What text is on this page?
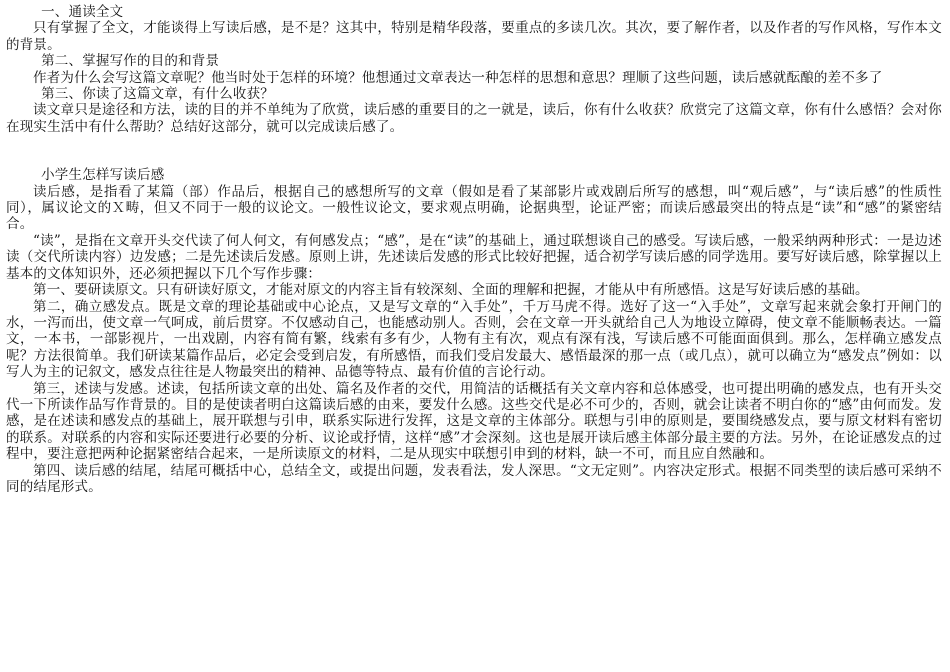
一、通读全文

只有掌握了全文，才能谈得上写读后感，是不是？这其中，特别是精华段落，要重点的多读几次。其次，要了解作者，以及作者的写作风格，写作本文的背景。

第二、掌握写作的目的和背景

作者为什么会写这篇文章呢？他当时处于怎样的环境？他想通过文章表达一种怎样的思想和意思？理顺了这些问题，读后感就酝酿的差不多了

第三、你读了这篇文章，有什么收获？

读文章只是途径和方法，读的目的并不单纯为了欣赏，读后感的重要目的之一就是，读后，你有什么收获？欣赏完了这篇文章，你有什么感悟？会对你在现实生活中有什么帮助？总结好这部分，就可以完成读后感了。

小学生怎样写读后感

读后感，是指看了某篇（部）作品后，根据自己的感想所写的文章（假如是看了某部影片或戏剧后所写的感想，叫“观后感”，与“读后感”的性质性同），属议论文的Ｘ畴，但又不同于一般的议论文。一般性议论文，要求观点明确，论据典型，论证严密；而读后感最突出的特点是“读”和“感”的紧密结合。

“读”，是指在文章开头交代读了何人何文，有何感发点；“感”，是在“读”的基础上，通过联想谈自己的感受。写读后感，一般采纳两种形式：一是边述读（交代所读内容）边发感；二是先述读后发感。原则上讲，先述读后发感的形式比较好把握，适合初学写读后感的同学选用。要写好读后感，除掌握以上基本的文体知识外，还必须把握以下几个写作步骤：

第一、要研读原文。只有研读好原文，才能对原文的内容主旨有较深刻、全面的理解和把握，才能从中有所感悟。这是写好读后感的基础。

第二，确立感发点。既是文章的理论基础或中心论点，又是写文章的“入手处”，千万马虎不得。选好了这一“入手处”，文章写起来就会象打开闸门的水，一泻而出，使文章一气呵成，前后贯穿。不仅感动自己，也能感动别人。否则，会在文章一开头就给自己人为地设立障碍，使文章不能顺畅表达。一篇文，一本书，一部影视片，一出戏剧，内容有简有繁，线索有多有少，人物有主有次，观点有深有浅，写读后感不可能面面俱到。那么，怎样确立感发点呢？方法很简单。我们研读某篇作品后，必定会受到启发，有所感悟，而我们受启发最大、感悟最深的那一点（或几点），就可以确立为“感发点”例如：以写人为主的记叙文，感发点往往是人物最突出的精神、品德等特点、最有价值的言论行动。

第三，述读与发感。述读，包括所读文章的出处、篇名及作者的交代，用简洁的话概括有关文章内容和总体感受，也可提出明确的感发点，也有开头交代一下所读作品写作背景的。目的是使读者明白这篇读后感的由来，要发什么感。这些交代是必不可少的，否则，就会让读者不明白你的“感”由何而发。发感，是在述读和感发点的基础上，展开联想与引申，联系实际进行发挥，这是文章的主体部分。联想与引申的原则是，要围绕感发点，要与原文材料有密切的联系。对联系的内容和实际还要进行必要的分析、议论或抒情，这样“感”才会深刻。这也是展开读后感主体部分最主要的方法。另外，在论证感发点的过程中，要注意把两种论据紧密结合起来，一是所读原文的材料，二是从现实中联想引申到的材料，缺一不可，而且应自然融和。

第四、读后感的结尾，结尾可概括中心，总结全文，或提出问题，发表看法，发人深思。“文无定则”。内容决定形式。根据不同类型的读后感可采纳不同的结尾形式。
